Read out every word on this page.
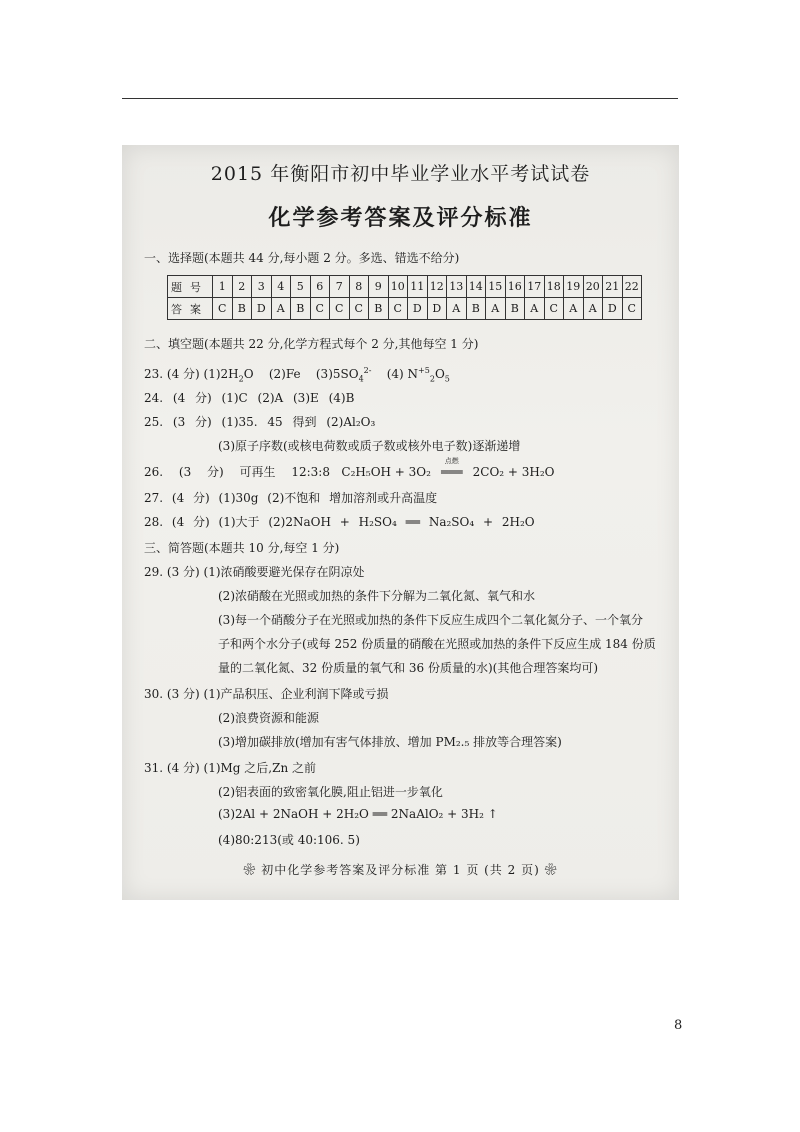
2015 年衡阳市初中毕业学业水平考试试卷
化学参考答案及评分标准
一、选择题(本题共 44 分,每小题 2 分。多选、错选不给分)
题号	1	2	3	4	5	6	7	8	9	10	11	12	13	14	15	16	17	18	19	20	21	22
答案	C	B	D	A	B	C	C	C	B	C	D	D	A	B	A	B	A	C	A	A	D	C
二、填空题(本题共 22 分,化学方程式每个 2 分,其他每空 1 分)
23. (4 分) $(1)2H_2O$ (2)Fe $(3)5SO_4^{2-}$ (4) $N^{+5}_2O_5$
24. (4 分) (1)C (2)A (3)E (4)B
25. (3 分) (1)35. 45 得到 (2)Al₂O₃
(3)原子序数(或核电荷数或质子数或核外电子数)逐渐递增
26. (3 分) 可再生 12:3:8 C₂H₅OH + 3O₂
点燃
═══ 2CO₂ + 3H₂O
27. (4 分) (1)30g (2)不饱和 增加溶剂或升高温度
28. (4 分) (1)大于 (2)2NaOH + H₂SO₄ ══ Na₂SO₄ + 2H₂O
三、简答题(本题共 10 分,每空 1 分)
29. (3 分) (1)浓硝酸要避光保存在阴凉处
(2)浓硝酸在光照或加热的条件下分解为二氧化氮、氧气和水
(3)每一个硝酸分子在光照或加热的条件下反应生成四个二氧化氮分子、一个氧分
子和两个水分子(或每 252 份质量的硝酸在光照或加热的条件下反应生成 184 份质
量的二氧化氮、32 份质量的氧气和 36 份质量的水)(其他合理答案均可)
30. (3 分) (1)产品积压、企业利润下降或亏损
(2)浪费资源和能源
(3)增加碳排放(增加有害气体排放、增加 PM₂.₅ 排放等合理答案)
31. (4 分) (1)Mg 之后,Zn 之前
(2)铝表面的致密氧化膜,阻止铝进一步氧化
(3)2Al + 2NaOH + 2H₂O ══ 2NaAlO₂ + 3H₂ ↑
(4)80:213(或 40:106. 5)
❀ 初中化学参考答案及评分标准 第 1 页 (共 2 页) ❀
8
